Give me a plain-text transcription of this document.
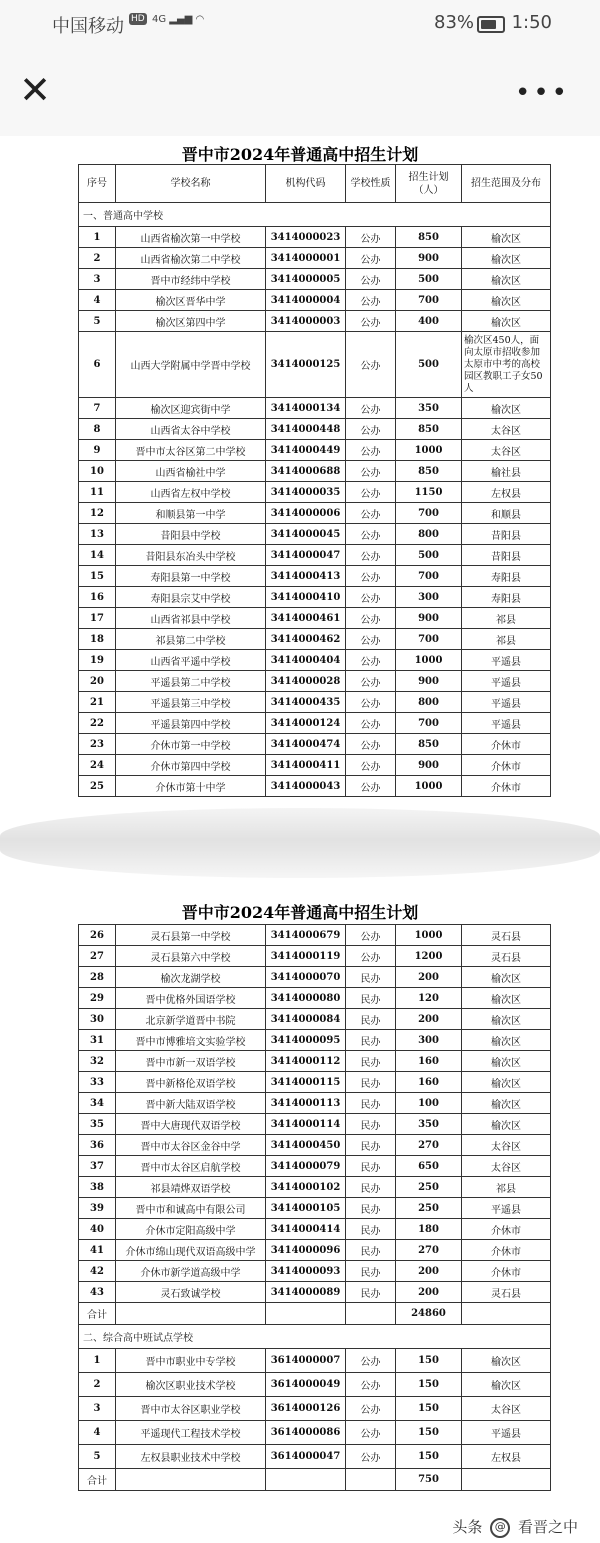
中国移动 HD 4G ▂▄▆ ◠	83% 1:50
✕	•••
晋中市2024年普通高中招生计划
序号	学校名称	机构代码	学校性质	招生计划（人）	招生范围及分布
一、普通高中学校					
1	山西省榆次第一中学校	3414000023	公办	850	榆次区
2	山西省榆次第二中学校	3414000001	公办	900	榆次区
3	晋中市经纬中学校	3414000005	公办	500	榆次区
4	榆次区晋华中学	3414000004	公办	700	榆次区
5	榆次区第四中学	3414000003	公办	400	榆次区
6	山西大学附属中学晋中学校	3414000125	公办	500	榆次区450人，面向太原市招收参加太原市中考的高校园区教职工子女50人
7	榆次区迎宾街中学	3414000134	公办	350	榆次区
8	山西省太谷中学校	3414000448	公办	850	太谷区
9	晋中市太谷区第二中学校	3414000449	公办	1000	太谷区
10	山西省榆社中学	3414000688	公办	850	榆社县
11	山西省左权中学校	3414000035	公办	1150	左权县
12	和顺县第一中学	3414000006	公办	700	和顺县
13	昔阳县中学校	3414000045	公办	800	昔阳县
14	昔阳县东冶头中学校	3414000047	公办	500	昔阳县
15	寿阳县第一中学校	3414000413	公办	700	寿阳县
16	寿阳县宗艾中学校	3414000410	公办	300	寿阳县
17	山西省祁县中学校	3414000461	公办	900	祁县
18	祁县第二中学校	3414000462	公办	700	祁县
19	山西省平遥中学校	3414000404	公办	1000	平遥县
20	平遥县第二中学校	3414000028	公办	900	平遥县
21	平遥县第三中学校	3414000435	公办	800	平遥县
22	平遥县第四中学校	3414000124	公办	700	平遥县
23	介休市第一中学校	3414000474	公办	850	介休市
24	介休市第四中学校	3414000411	公办	900	介休市
25	介休市第十中学	3414000043	公办	1000	介休市
晋中市2024年普通高中招生计划
26	灵石县第一中学校	3414000679	公办	1000	灵石县
27	灵石县第六中学校	3414000119	公办	1200	灵石县
28	榆次龙湖学校	3414000070	民办	200	榆次区
29	晋中优格外国语学校	3414000080	民办	120	榆次区
30	北京新学道晋中书院	3414000084	民办	200	榆次区
31	晋中市博雅培文实验学校	3414000095	民办	300	榆次区
32	晋中市新一双语学校	3414000112	民办	160	榆次区
33	晋中新格伦双语学校	3414000115	民办	160	榆次区
34	晋中新大陆双语学校	3414000113	民办	100	榆次区
35	晋中大唐现代双语学校	3414000114	民办	350	榆次区
36	晋中市太谷区金谷中学	3414000450	民办	270	太谷区
37	晋中市太谷区启航学校	3414000079	民办	650	太谷区
38	祁县靖烨双语学校	3414000102	民办	250	祁县
39	晋中市和诚高中有限公司	3414000105	民办	250	平遥县
40	介休市定阳高级中学	3414000414	民办	180	介休市
41	介休市绵山现代双语高级中学	3414000096	民办	270	介休市
42	介休市新学道高级中学	3414000093	民办	200	介休市
43	灵石致诚学校	3414000089	民办	200	灵石县
合计				24860	
二、综合高中班试点学校					
1	晋中市职业中专学校	3614000007	公办	150	榆次区
2	榆次区职业技术学校	3614000049	公办	150	榆次区
3	晋中市太谷区职业学校	3614000126	公办	150	太谷区
4	平遥现代工程技术学校	3614000086	公办	150	平遥县
5	左权县职业技术中学校	3614000047	公办	150	左权县
合计				750	
头条 @ 看晋之中
